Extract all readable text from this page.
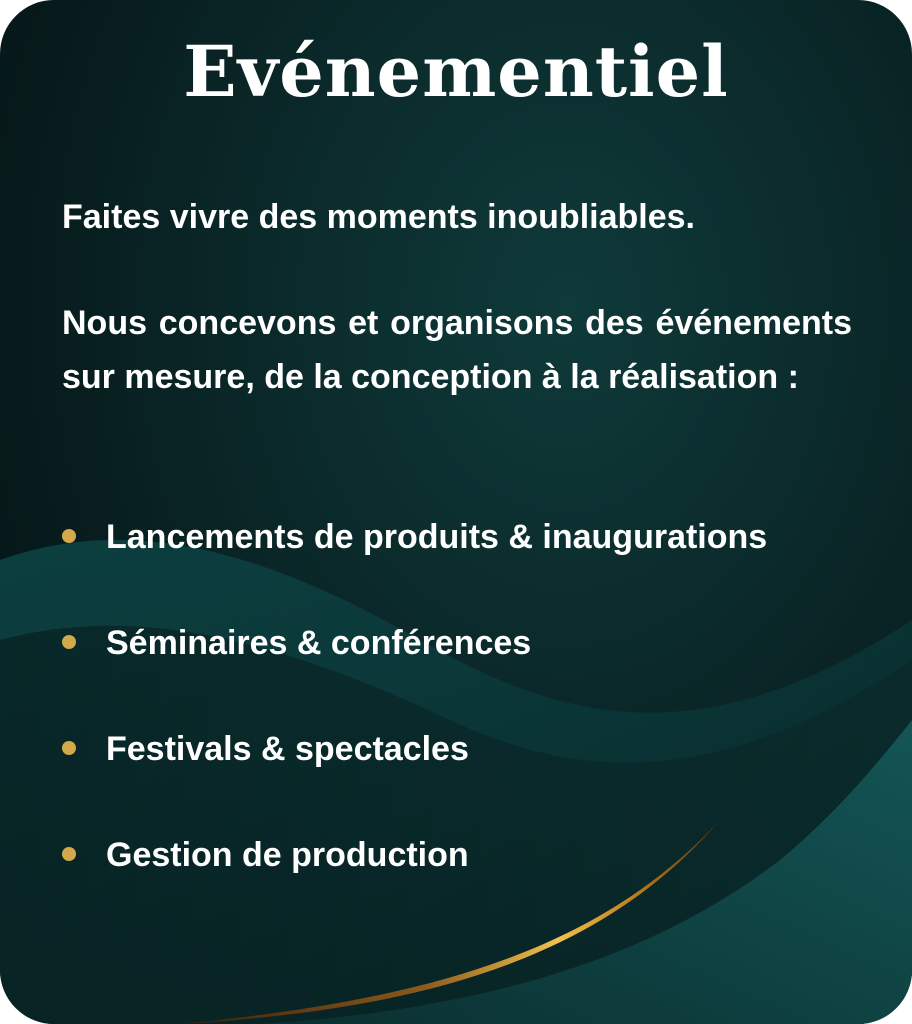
Evénementiel

Faites vivre des moments inoubliables.

Nous concevons et organisons des événements sur mesure, de la conception à la réalisation :

Lancements de produits & inaugurations
Séminaires & conférences
Festivals & spectacles
Gestion de production
